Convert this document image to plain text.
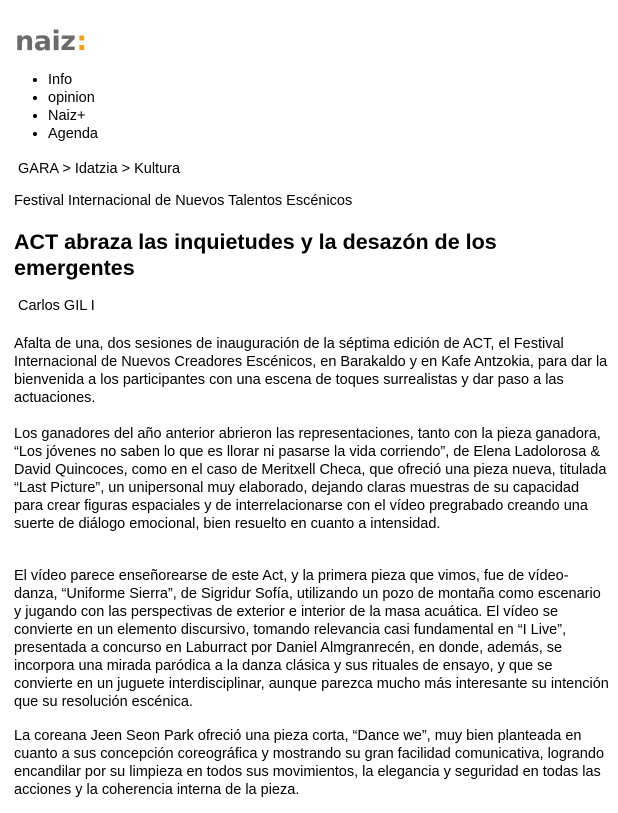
naiz :
• Info
• opinion
• Naiz+
• Agenda
GARA > Idatzia > Kultura
Festival Internacional de Nuevos Talentos Escénicos
ACT abraza las inquietudes y la desazón de los emergentes
Carlos GIL I

Afalta de una, dos sesiones de inauguración de la séptima edición de ACT, el Festival Internacional de Nuevos Creadores Escénicos, en Barakaldo y en Kafe Antzokia, para dar la bienvenida a los participantes con una escena de toques surrealistas y dar paso a las actuaciones.

Los ganadores del año anterior abrieron las representaciones, tanto con la pieza ganadora, “Los jóvenes no saben lo que es llorar ni pasarse la vida corriendo”, de Elena Ladolorosa & David Quincoces, como en el caso de Meritxell Checa, que ofreció una pieza nueva, titulada “Last Picture”, un unipersonal muy elaborado, dejando claras muestras de su capacidad para crear figuras espaciales y de interrelacionarse con el vídeo pregrabado creando una suerte de diálogo emocional, bien resuelto en cuanto a intensidad.

El vídeo parece enseñorearse de este Act, y la primera pieza que vimos, fue de vídeo-danza, “Uniforme Sierra”, de Sigridur Sofía, utilizando un pozo de montaña como escenario y jugando con las perspectivas de exterior e interior de la masa acuática. El vídeo se convierte en un elemento discursivo, tomando relevancia casi fundamental en “I Live”, presentada a concurso en Laburract por Daniel Almgranrecén, en donde, además, se incorpora una mirada paródica a la danza clásica y sus rituales de ensayo, y que se convierte en un juguete interdisciplinar, aunque parezca mucho más interesante su intención que su resolución escénica.

La coreana Jeen Seon Park ofreció una pieza corta, “Dance we”, muy bien planteada en cuanto a sus concepción coreográfica y mostrando su gran facilidad comunicativa, logrando encandilar por su limpieza en todos sus movimientos, la elegancia y seguridad en todas las acciones y la coherencia interna de la pieza.
